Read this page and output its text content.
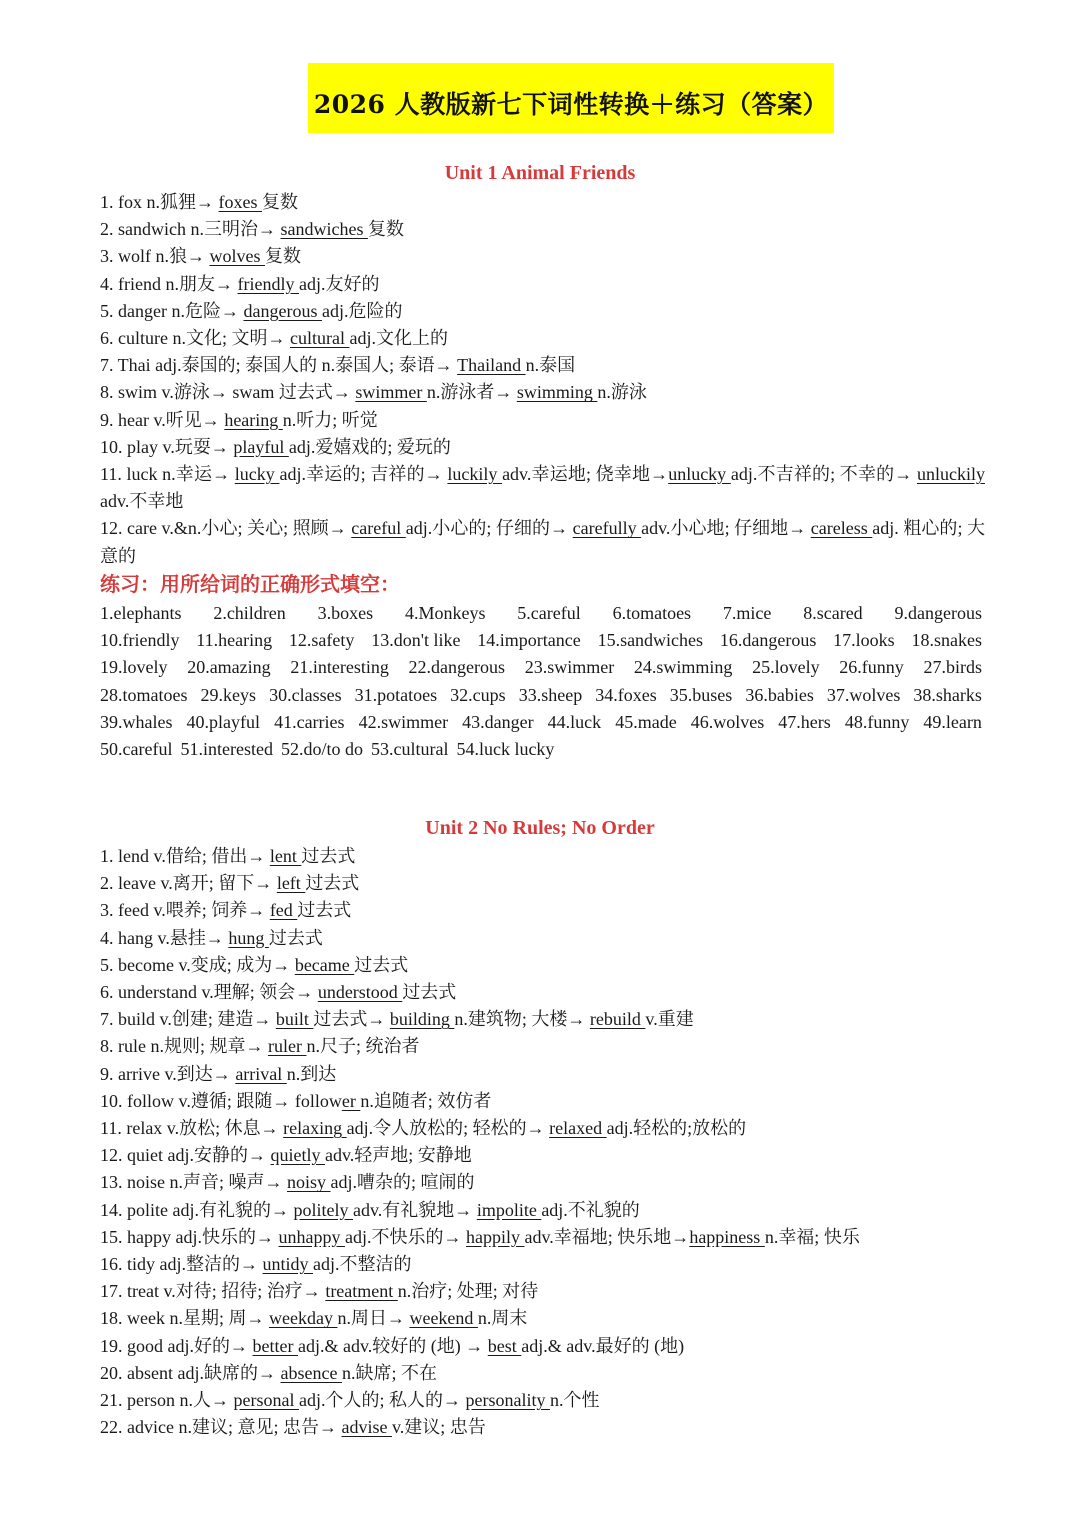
2026 人教版新七下词性转换＋练习（答案）
Unit 1 Animal Friends
1. fox n.狐狸→ foxes 复数
2. sandwich n.三明治→ sandwiches 复数
3. wolf n.狼→ wolves 复数
4. friend n.朋友→ friendly adj.友好的
5. danger n.危险→ dangerous adj.危险的
6. culture n.文化; 文明→ cultural adj.文化上的
7. Thai adj.泰国的; 泰国人的 n.泰国人; 泰语→ Thailand n.泰国
8. swim v.游泳→ swam 过去式→ swimmer n.游泳者→ swimming n.游泳
9. hear v.听见→ hearing n.听力; 听觉
10. play v.玩耍→ playful adj.爱嬉戏的; 爱玩的
11. luck n.幸运→ lucky adj.幸运的; 吉祥的→ luckily adv.幸运地; 侥幸地→unlucky adj.不吉祥的; 不幸的→ unluckily adv.不幸地
12. care v.&n.小心; 关心; 照顾→ careful adj.小心的; 仔细的→ carefully adv.小心地; 仔细地→ careless adj. 粗心的; 大意的
练习：用所给词的正确形式填空：
1.elephants 2.children 3.boxes 4.Monkeys 5.careful 6.tomatoes 7.mice 8.scared 9.dangerous
10.friendly 11.hearing 12.safety 13.don't like 14.importance 15.sandwiches 16.dangerous 17.looks 18.snakes
19.lovely 20.amazing 21.interesting 22.dangerous 23.swimmer 24.swimming 25.lovely 26.funny 27.birds
28.tomatoes 29.keys 30.classes 31.potatoes 32.cups 33.sheep 34.foxes 35.buses 36.babies 37.wolves 38.sharks
39.whales 40.playful 41.carries 42.swimmer 43.danger 44.luck 45.made 46.wolves 47.hers 48.funny 49.learn
50.careful 51.interested 52.do/to do 53.cultural 54.luck lucky
Unit 2 No Rules; No Order
1. lend v.借给; 借出→ lent 过去式
2. leave v.离开; 留下→ left 过去式
3. feed v.喂养; 饲养→ fed 过去式
4. hang v.悬挂→ hung 过去式
5. become v.变成; 成为→ became 过去式
6. understand v.理解; 领会→ understood 过去式
7. build v.创建; 建造→ built 过去式→ building n.建筑物; 大楼→ rebuild v.重建
8. rule n.规则; 规章→ ruler n.尺子; 统治者
9. arrive v.到达→ arrival n.到达
10. follow v.遵循; 跟随→ follower n.追随者; 效仿者
11. relax v.放松; 休息→ relaxing adj.令人放松的; 轻松的→ relaxed adj.轻松的;放松的
12. quiet adj.安静的→ quietly adv.轻声地; 安静地
13. noise n.声音; 噪声→ noisy adj.嘈杂的; 喧闹的
14. polite adj.有礼貌的→ politely adv.有礼貌地→ impolite adj.不礼貌的
15. happy adj.快乐的→ unhappy adj.不快乐的→ happily adv.幸福地; 快乐地→happiness n.幸福; 快乐
16. tidy adj.整洁的→ untidy adj.不整洁的
17. treat v.对待; 招待; 治疗→ treatment n.治疗; 处理; 对待
18. week n.星期; 周→ weekday n.周日→ weekend n.周末
19. good adj.好的→ better adj.& adv.较好的 (地) → best adj.& adv.最好的 (地)
20. absent adj.缺席的→ absence n.缺席; 不在
21. person n.人→ personal adj.个人的; 私人的→ personality n.个性
22. advice n.建议; 意见; 忠告→ advise v.建议; 忠告
